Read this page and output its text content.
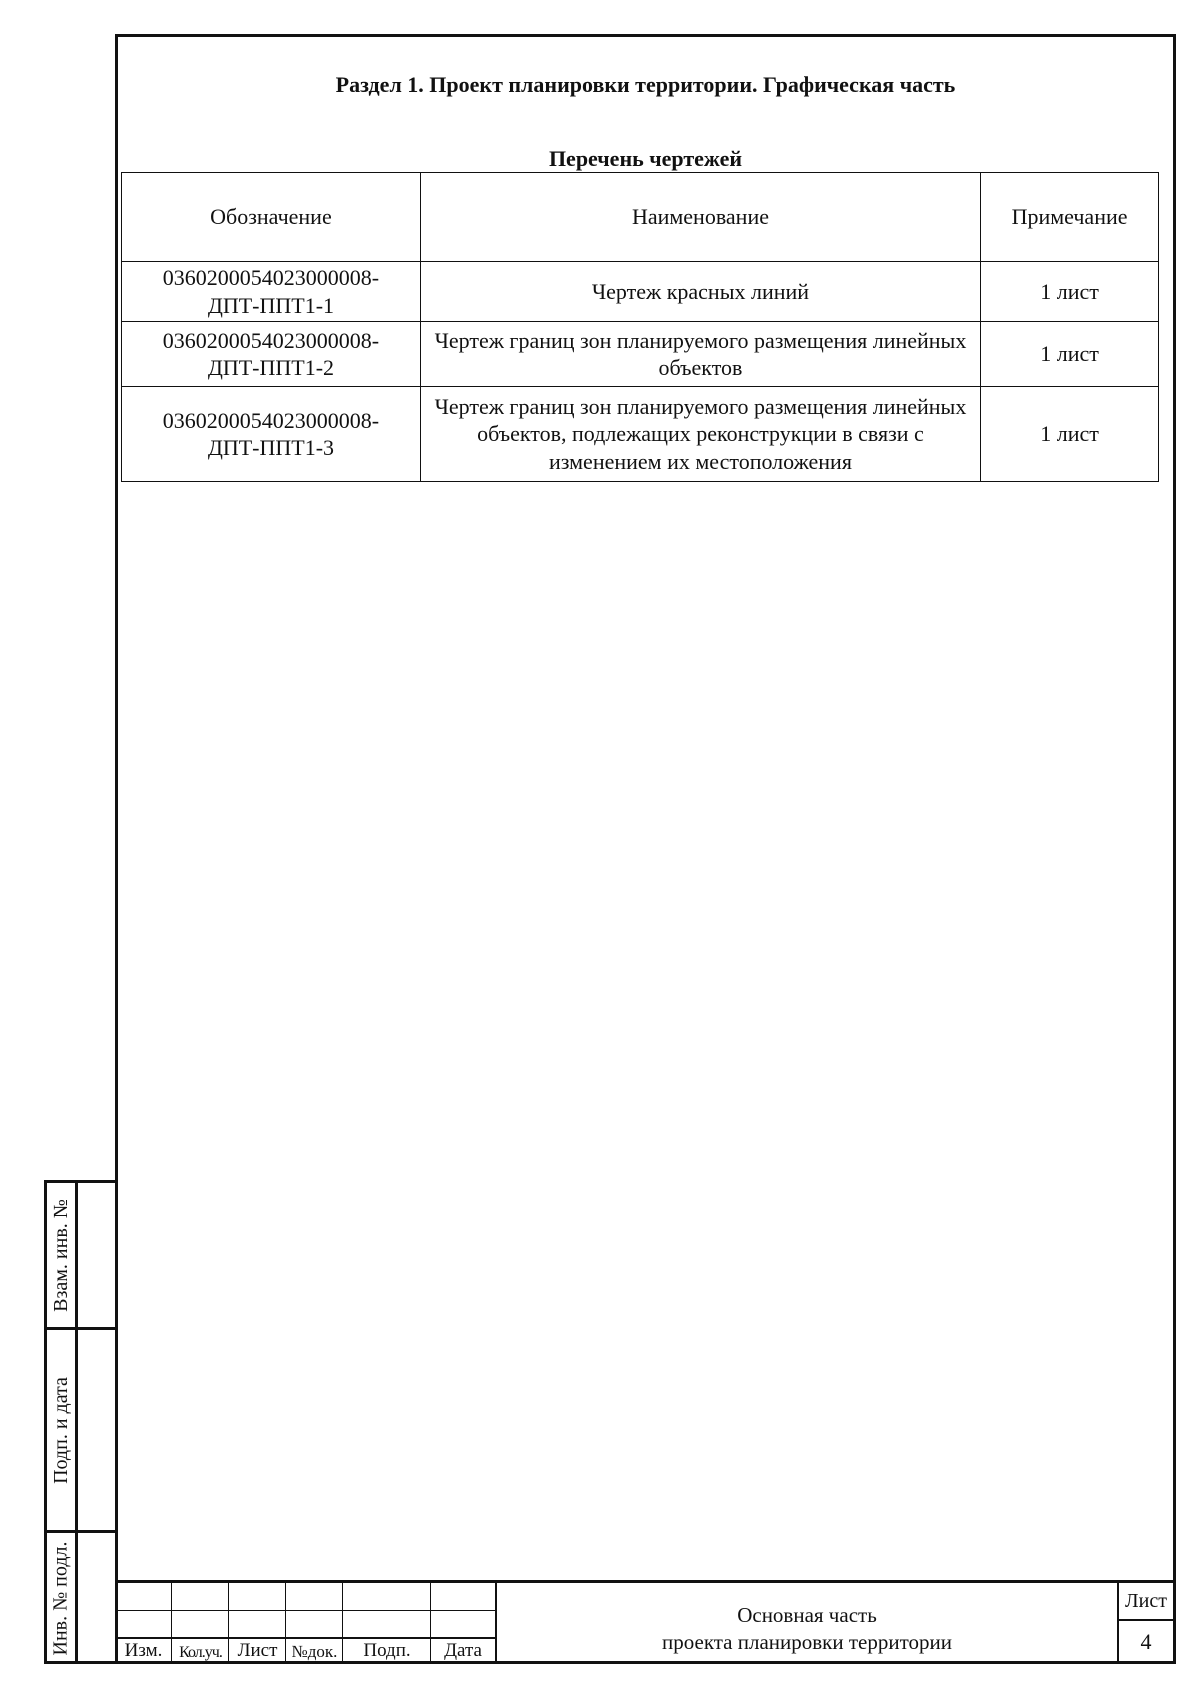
Раздел 1. Проект планировки территории. Графическая часть
Перечень чертежей
Обозначение	Наименование	Примечание
0360200054023000008-
ДПТ-ППТ1-1	Чертеж красных линий	1 лист
0360200054023000008-
ДПТ-ППТ1-2	Чертеж границ зон планируемого размещения линейных объектов	1 лист
0360200054023000008-
ДПТ-ППТ1-3	Чертеж границ зон планируемого размещения линейных объектов, подлежащих реконструкции в связи с изменением их местоположения	1 лист
Взам. инв. №
Подп. и дата
Инв. № подл.	Изм.	Кол.уч. Лист №док.	Подп.	Дата
Основная часть
проекта планировки территории
Лист
4
